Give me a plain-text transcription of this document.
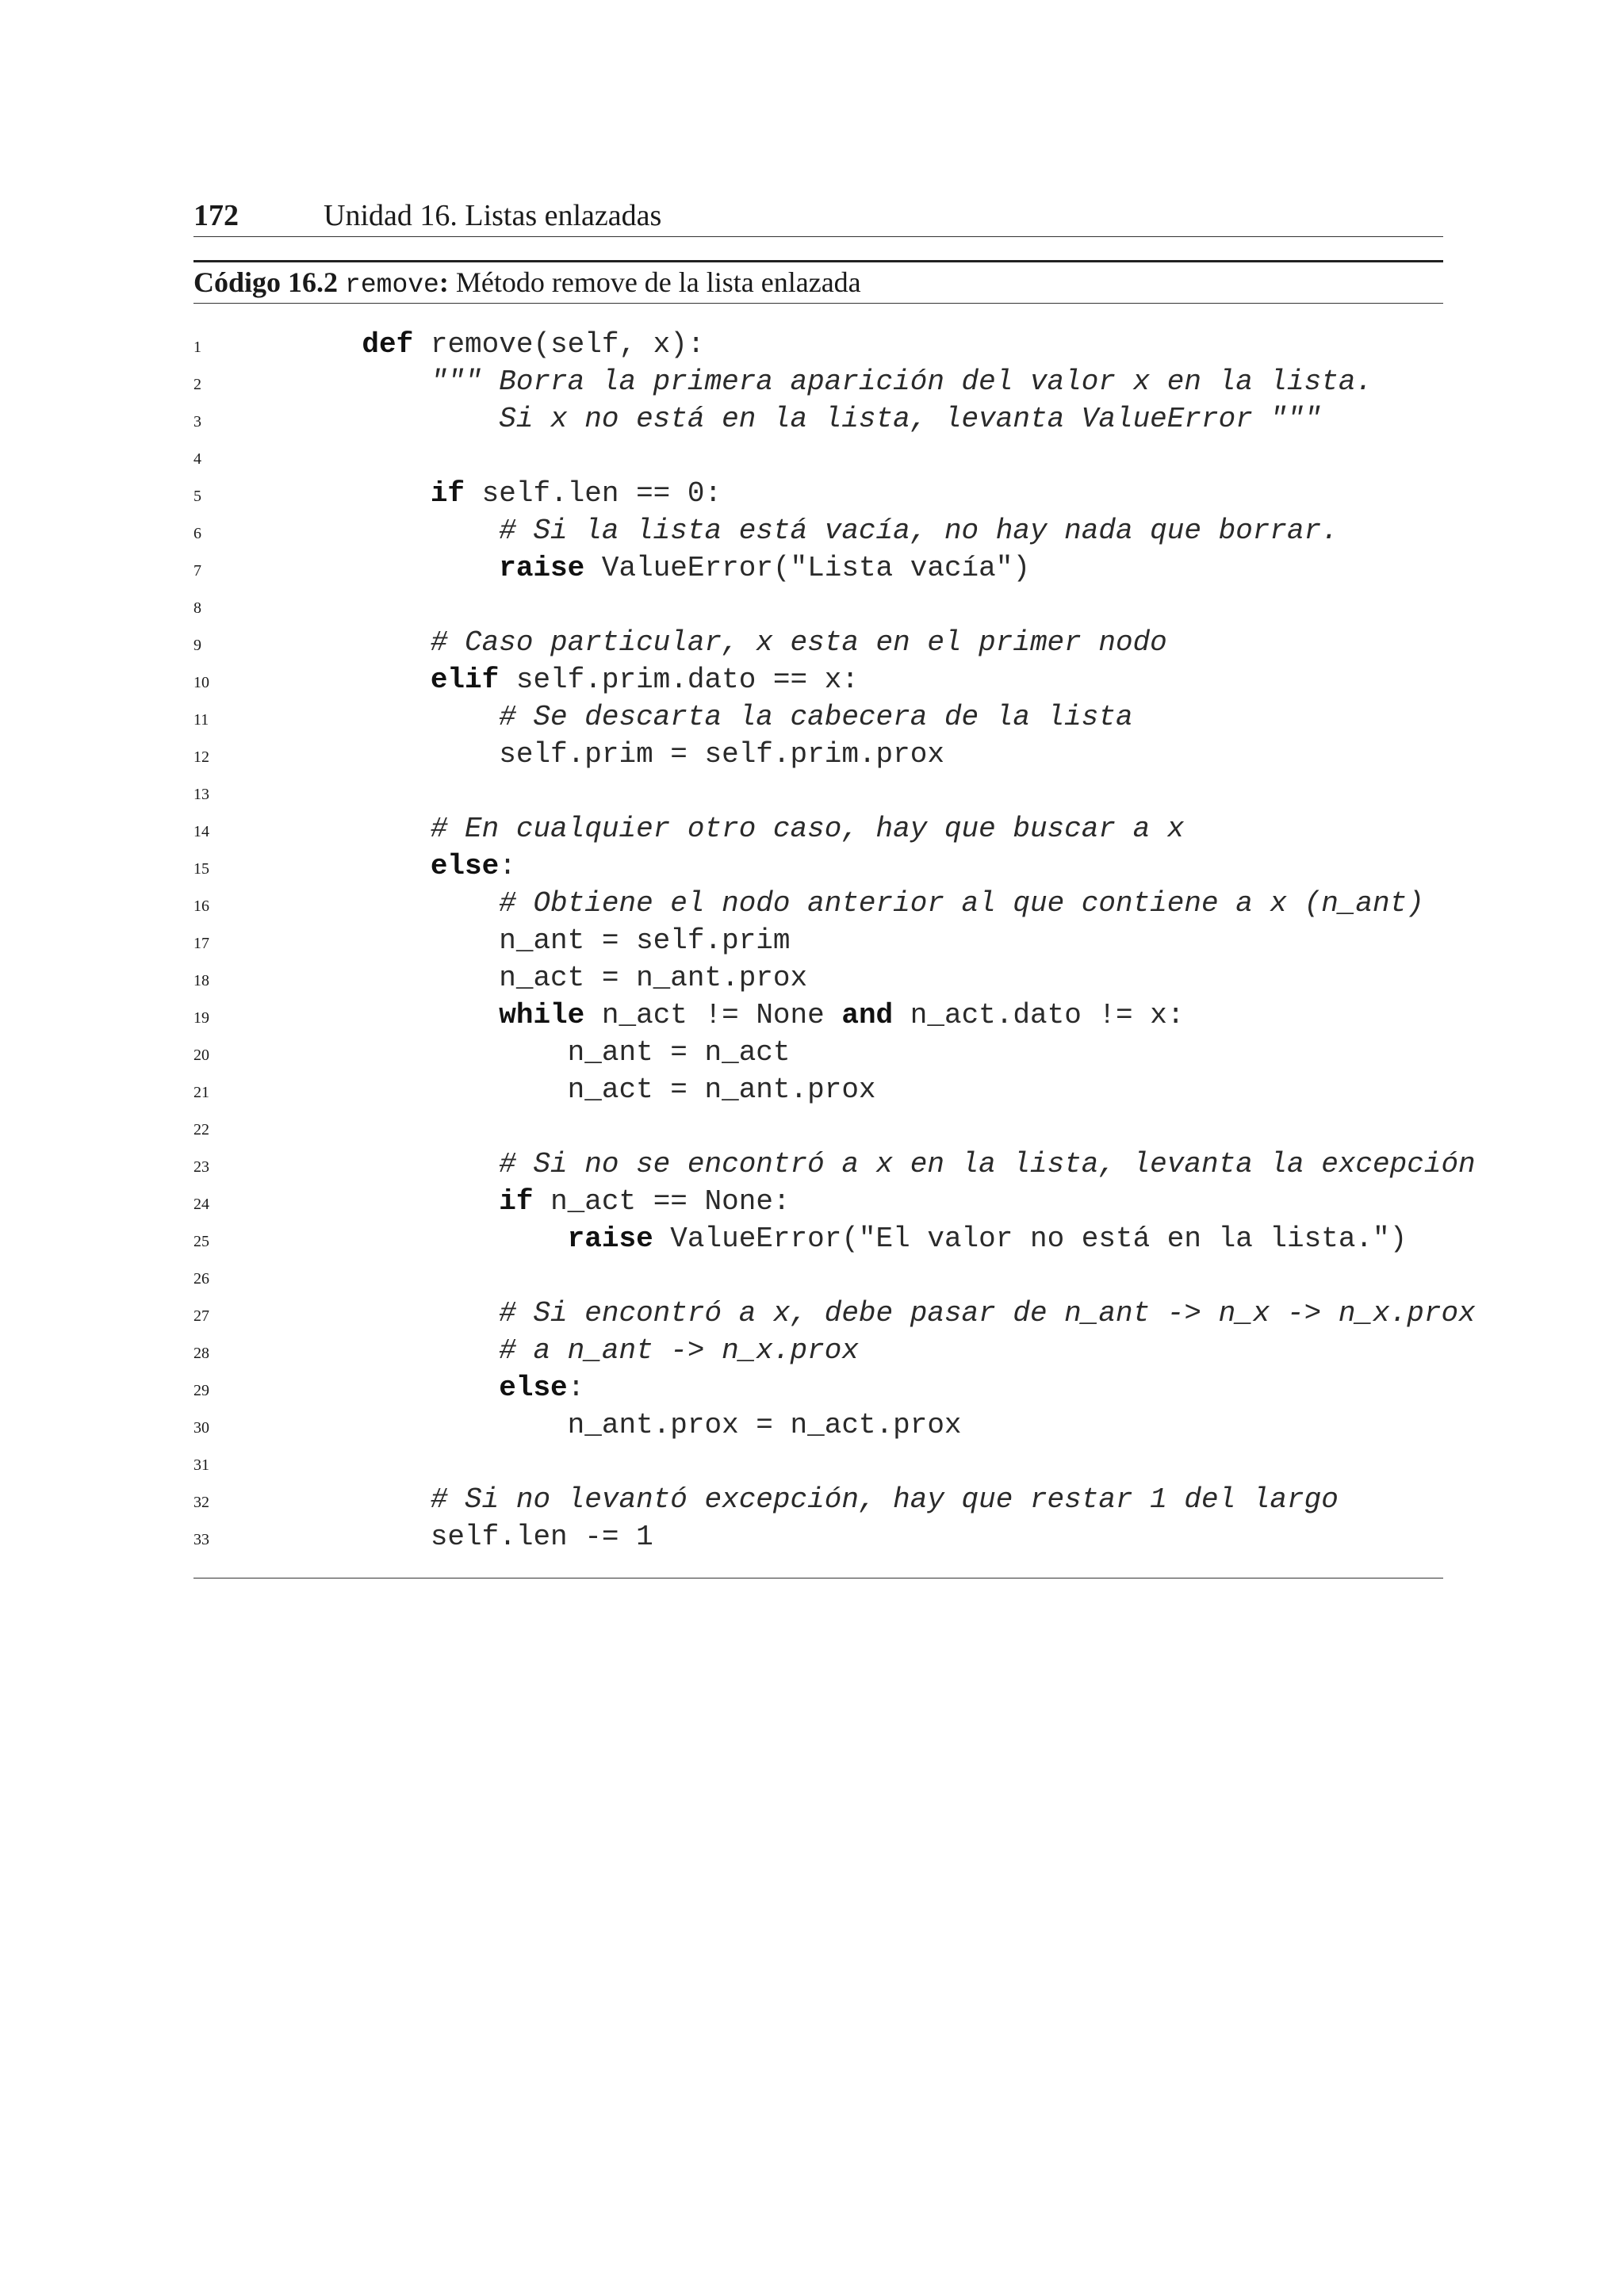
172	Unidad 16. Listas enlazadas
Código 16.2 remove: Método remove de la lista enlazada
1	def remove(self, x):
2	""" Borra la primera aparición del valor x en la lista.
3	Si x no está en la lista, levanta ValueError """
4
5	if self.len == 0:
6	# Si la lista está vacía, no hay nada que borrar.
7	raise ValueError("Lista vacía")
8
9	# Caso particular, x esta en el primer nodo
10	elif self.prim.dato == x:
11	# Se descarta la cabecera de la lista
12	self.prim = self.prim.prox
13
14	# En cualquier otro caso, hay que buscar a x
15	else:
16	# Obtiene el nodo anterior al que contiene a x (n_ant)
17	n_ant = self.prim
18	n_act = n_ant.prox
19	while n_act != None and n_act.dato != x:
20	n_ant = n_act
21	n_act = n_ant.prox
22
23	# Si no se encontró a x en la lista, levanta la excepción
24	if n_act == None:
25	raise ValueError("El valor no está en la lista.")
26
27	# Si encontró a x, debe pasar de n_ant -> n_x -> n_x.prox
28	# a n_ant -> n_x.prox
29	else:
30	n_ant.prox = n_act.prox
31
32	# Si no levantó excepción, hay que restar 1 del largo
33	self.len -= 1
